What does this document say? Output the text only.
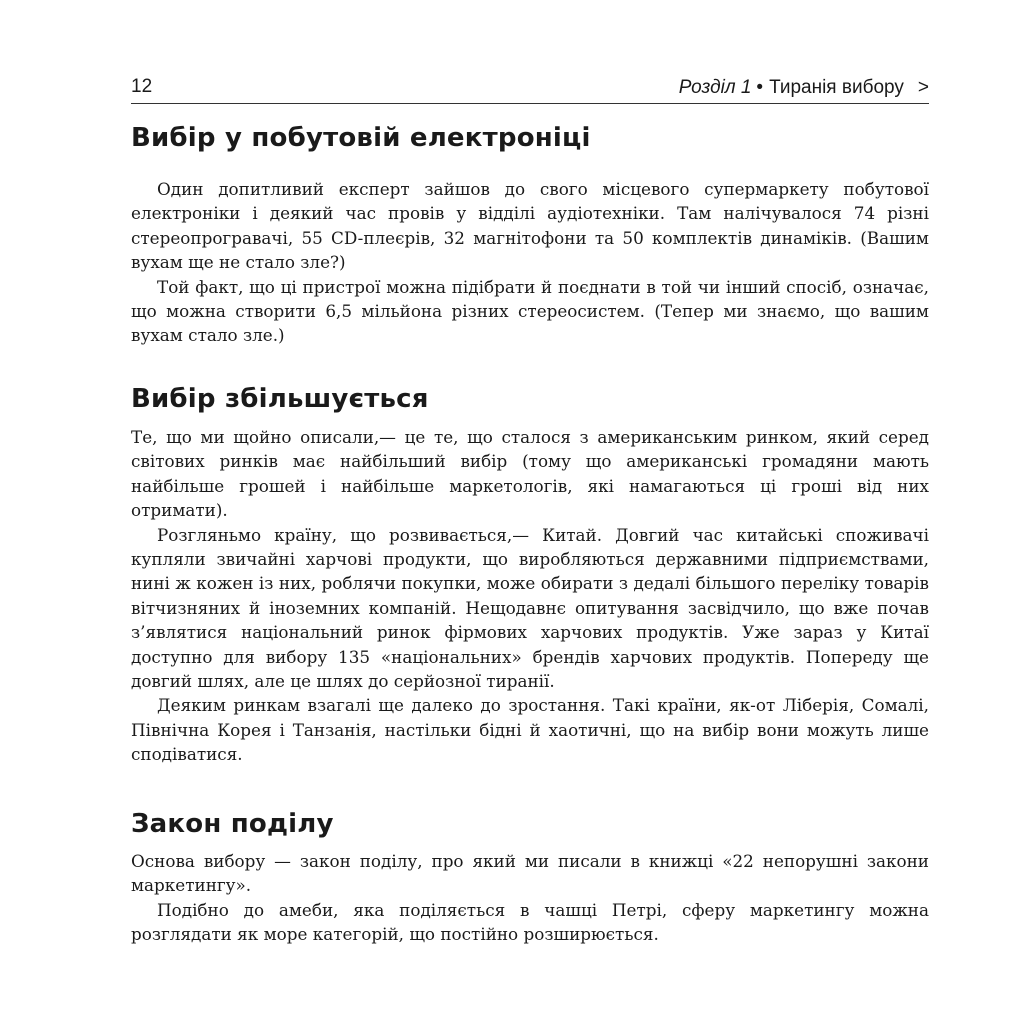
12	Розділ 1 • Тиранія вибору >
Вибір у побутовій електроніці

Один допитливий експерт зайшов до свого місцевого супермаркету побутової електроніки і деякий час провів у відділі аудіотехніки. Там налічувалося 74 різні стереопрогравачі, 55 CD-плеєрів, 32 магнітофони та 50 комплектів динаміків. (Вашим вухам ще не стало зле?)

Той факт, що ці пристрої можна підібрати й поєднати в той чи інший спосіб, означає, що можна створити 6,5 мільйона різних стереосистем. (Тепер ми знаємо, що вашим вухам стало зле.)

Вибір збільшується

Те, що ми щойно описали,— це те, що сталося з американським ринком, який серед світових ринків має найбільший вибір (тому що американські громадяни мають найбільше грошей і найбільше маркетологів, які намагаються ці гроші від них отримати).

Розгляньмо країну, що розвивається,— Китай. Довгий час китайські споживачі купляли звичайні харчові продукти, що виробляються державними підприємствами, нині ж кожен із них, роблячи покупки, може обирати з дедалі більшого переліку товарів вітчизняних й іноземних компаній. Нещодавнє опитування засвідчило, що вже почав з’являтися національний ринок фірмових харчових продуктів. Уже зараз у Китаї доступно для вибору 135 «національних» брендів харчових продуктів. Попереду ще довгий шлях, але це шлях до серйозної тиранії.

Деяким ринкам взагалі ще далеко до зростання. Такі країни, як-от Ліберія, Сомалі, Північна Корея і Танзанія, настільки бідні й хаотичні, що на вибір вони можуть лише сподіватися.

Закон поділу

Основа вибору — закон поділу, про який ми писали в книжці «22 непорушні закони маркетингу».

Подібно до амеби, яка поділяється в чашці Петрі, сферу маркетингу можна розглядати як море категорій, що постійно розширюється.
